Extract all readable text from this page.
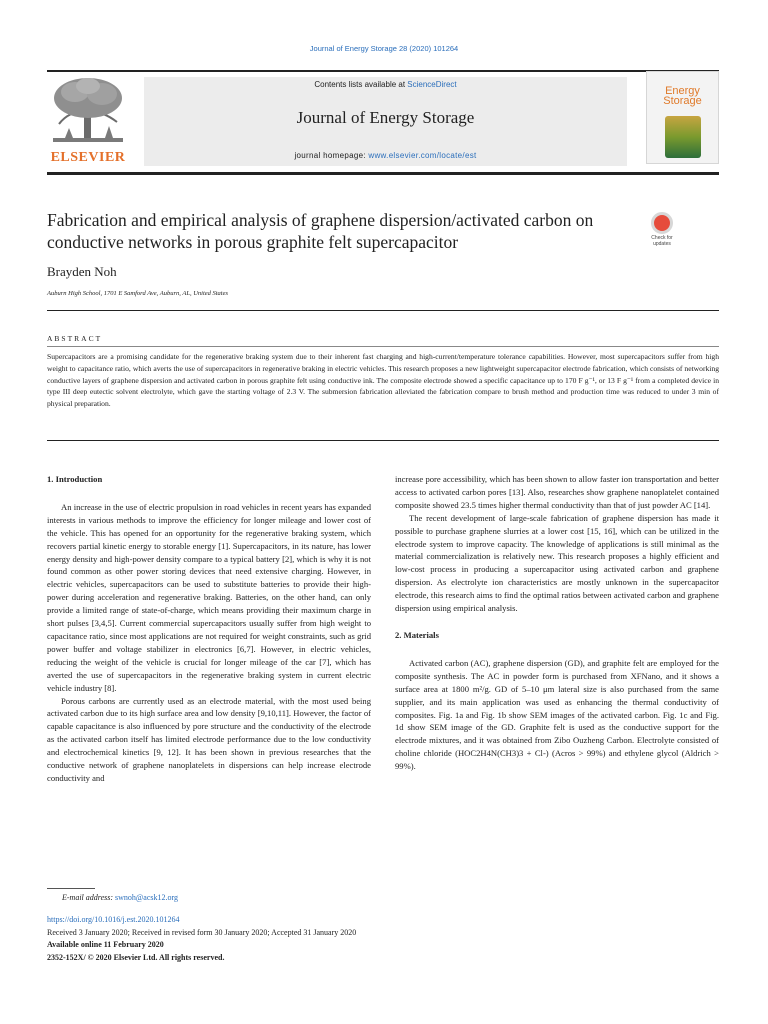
Journal of Energy Storage 28 (2020) 101264
ELSEVIER
Contents lists available at ScienceDirect
Journal of Energy Storage
journal homepage: www.elsevier.com/locate/est
Energy
Storage
Fabrication and empirical analysis of graphene dispersion/activated carbon on conductive networks in porous graphite felt supercapacitor	Check for
updates
Brayden Noh
Auburn High School, 1701 E Samford Ave, Auburn, AL, United States
ABSTRACT
Supercapacitors are a promising candidate for the regenerative braking system due to their inherent fast charging and high-current/temperature tolerance capabilities. However, most supercapacitors suffer from high weight to capacitance ratio, which averts the use of supercapacitors in regenerative braking in electric vehicles. This research proposes a new lightweight supercapacitor electrode fabrication, which consists of networking conductive layers of graphene dispersion and activated carbon in porous graphite felt using conductive ink. The composite electrode showed a specific capacitance up to 170 F g⁻¹, or 13 F g⁻¹ from a completed device in type III deep eutectic solvent electrolyte, which gave the starting voltage of 2.3 V. The submersion fabrication alleviated the fabrication compare to brush method and production time was reduced to under 3 min of physical preparation.

1. Introduction

An increase in the use of electric propulsion in road vehicles in recent years has expanded interests in various methods to improve the efficiency for longer mileage and lower cost of the vehicle. This has opened for an opportunity for the regenerative braking system, which recovers partial kinetic energy to storable energy [1]. Supercapacitors, in its nature, has lower energy density and high-power density compare to a typical battery [2], which is why it is not found common as other power storing devices that need extensive charging. However, in electric vehicles, supercapacitors can be used to substitute batteries to provide their high-power during acceleration and regenerative braking. Batteries, on the other hand, can only provide a limited range of state-of-charge, which means providing their maximum charge in short pulses [3,4,5]. Current commercial supercapacitors usually suffer from high weight to capacitance ratio, since most applications are not required for weight constraints, such as grid power buffer and voltage stabilizer in electronics [6,7]. However, in electric vehicles, reducing the weight of the vehicle is crucial for longer mileage of the car [7], which has averted the use of supercapacitors in the regenerative braking system in current electric vehicle industry [8].

Porous carbons are currently used as an electrode material, with the most used being activated carbon due to its high surface area and low density [9,10,11]. However, the factor of capable capacitance is also influenced by pore structure and the conductivity of the electrode as the activated carbon itself has limited electrode performance due to the low conductivity and electrochemical kinetics [9, 12]. It has been shown in previous researches that the conductive network of graphene nanoplatelets in dispersions can help increase electrode conductivity and

increase pore accessibility, which has been shown to allow faster ion transportation and better access to activated carbon pores [13]. Also, researches show graphene nanoplatelet contained composite showed 23.5 times higher thermal conductivity than that of just powder AC [14].

The recent development of large-scale fabrication of graphene dispersion has made it possible to purchase graphene slurries at a lower cost [15, 16], which can be utilized in the electrode system to improve capacity. The knowledge of applications is still minimal as the material commercialization is relatively new. This research proposes a highly efficient and low-cost process in producing a supercapacitor using activated carbon and graphene dispersion. As electrolyte ion characteristics are mostly unknown in the supercapacitor electrode, this research aims to find the optimal ratios between activated carbon and graphene dispersion using empirical analysis.

2. Materials

Activated carbon (AC), graphene dispersion (GD), and graphite felt are employed for the composite synthesis. The AC in powder form is purchased from XFNano, and it shows a surface area at 1800 m²/g. GD of 5–10 μm lateral size is also purchased from the same supplier, and its main application was used as enhancing the thermal conductivity of composites. Fig. 1a and Fig. 1b show SEM images of the activated carbon. Fig. 1c and Fig. 1d show SEM image of the GD. Graphite felt is used as the conductive support for the electrode mixtures, and it was obtained from Zibo Ouzheng Carbon. Electrolyte consisted of choline chloride (HOC2H4N(CH3)3 + Cl-) (Acros > 99%) and ethylene glycol (Aldrich > 99%).

E-mail address: swnoh@acsk12.org
https://doi.org/10.1016/j.est.2020.101264
Received 3 January 2020; Received in revised form 30 January 2020; Accepted 31 January 2020
Available online 11 February 2020
2352-152X/ © 2020 Elsevier Ltd. All rights reserved.
